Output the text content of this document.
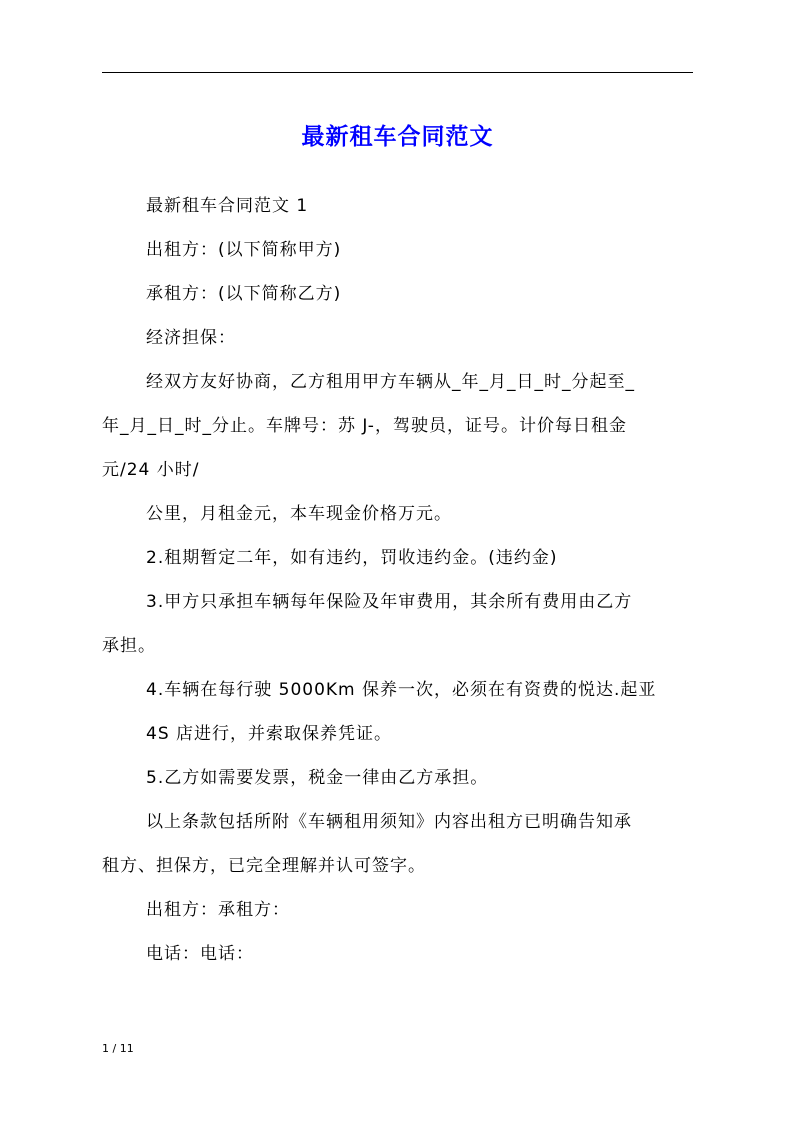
最新租车合同范文

最新租车合同范文 1

出租方：(以下简称甲方)

承租方：(以下简称乙方)

经济担保：

经双方友好协商，乙方租用甲方车辆从_年_月_日_时_分起至_

年_月_日_时_分止。车牌号：苏 J-，驾驶员，证号。计价每日租金

元/24 小时/

公里，月租金元，本车现金价格万元。

2.租期暂定二年，如有违约，罚收违约金。(违约金)

3.甲方只承担车辆每年保险及年审费用，其余所有费用由乙方

承担。

4.车辆在每行驶 5000Km 保养一次，必须在有资费的悦达.起亚

4S 店进行，并索取保养凭证。

5.乙方如需要发票，税金一律由乙方承担。

以上条款包括所附《车辆租用须知》内容出租方已明确告知承

租方、担保方，已完全理解并认可签字。

出租方：承租方：

电话：电话：

1 / 11
